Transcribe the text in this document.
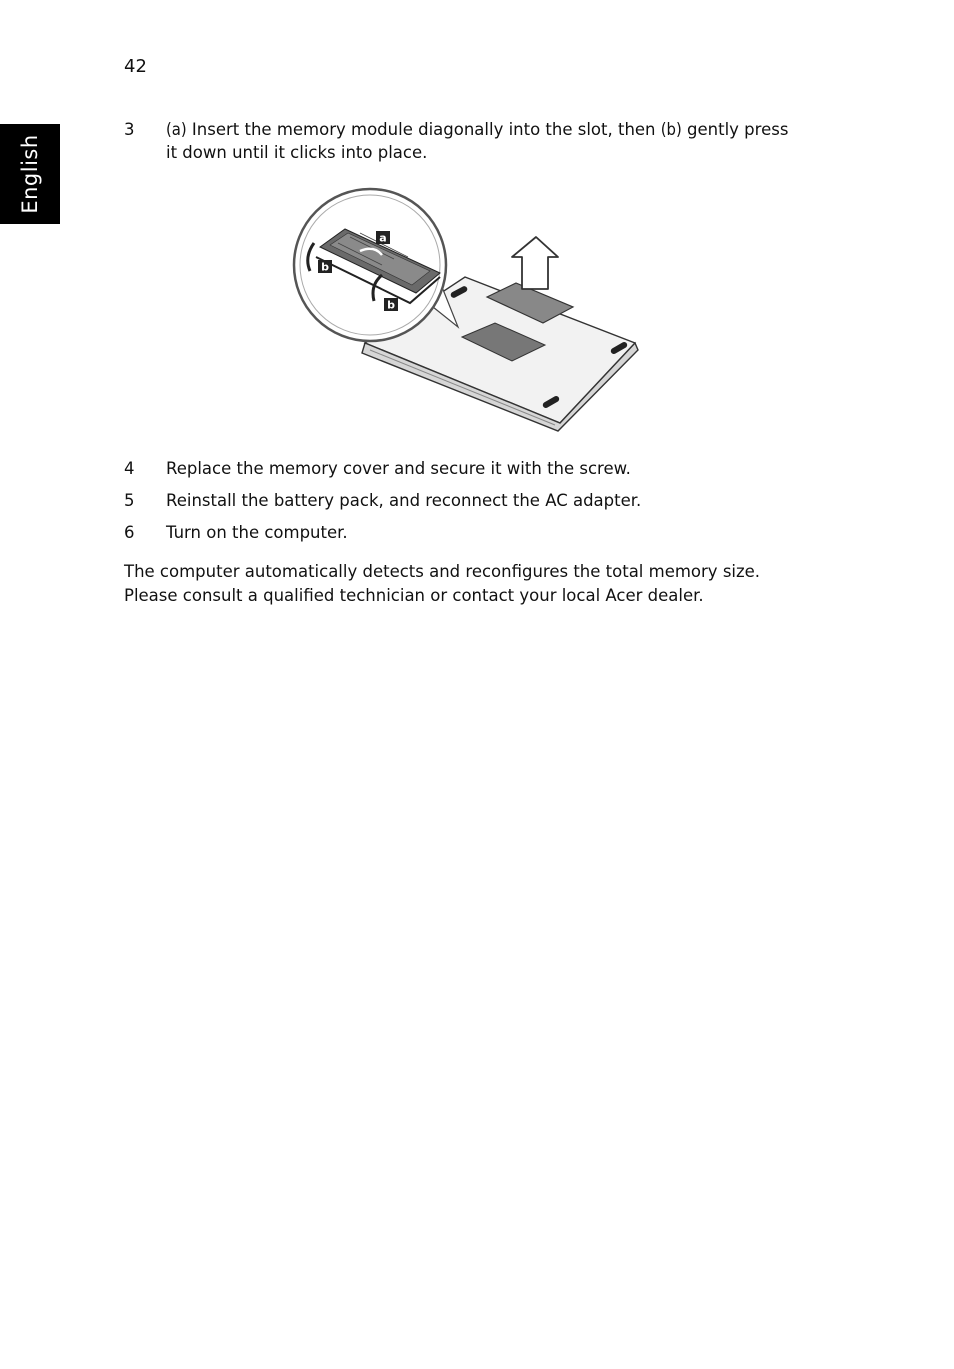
42
English
3	(a) Insert the memory module diagonally into the slot, then (b) gently press
it down until it clicks into place.
a
b
b
4	Replace the memory cover and secure it with the screw.
5	Reinstall the battery pack, and reconnect the AC adapter.
6	Turn on the computer.
The computer automatically detects and reconfigures the total memory size.
Please consult a qualified technician or contact your local Acer dealer.
